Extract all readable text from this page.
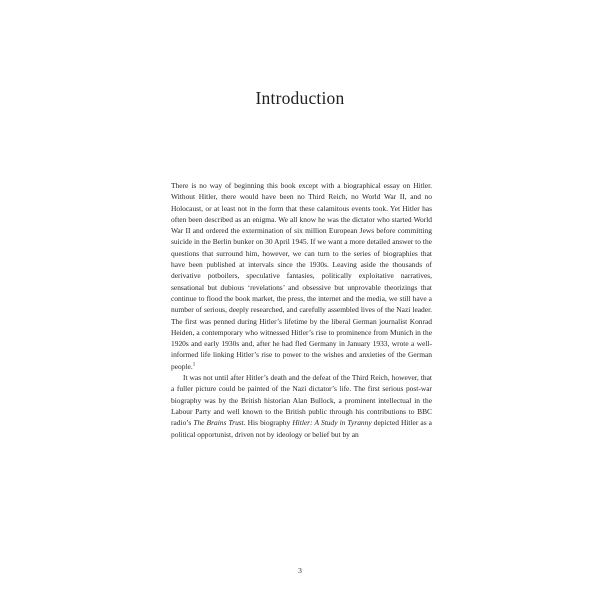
Introduction

There is no way of beginning this book except with a biographical essay on Hitler. Without Hitler, there would have been no Third Reich, no World War II, and no Holocaust, or at least not in the form that these calamitous events took. Yet Hitler has often been described as an enigma. We all know he was the dictator who started World War II and ordered the extermination of six million European Jews before committing suicide in the Berlin bunker on 30 April 1945. If we want a more detailed answer to the questions that surround him, however, we can turn to the series of biographies that have been published at intervals since the 1930s. Leaving aside the thousands of derivative potboilers, speculative fantasies, politically exploitative narratives, sensational but dubious ‘revelations’ and obsessive but unprovable theorizings that continue to flood the book market, the press, the internet and the media, we still have a number of serious, deeply researched, and carefully assembled lives of the Nazi leader. The first was penned during Hitler’s lifetime by the liberal German journalist Konrad Heiden, a contemporary who witnessed Hitler’s rise to prominence from Munich in the 1920s and early 1930s and, after he had fled Germany in January 1933, wrote a well-informed life linking Hitler’s rise to power to the wishes and anxieties of the German people.$^1$

It was not until after Hitler’s death and the defeat of the Third Reich, however, that a fuller picture could be painted of the Nazi dictator’s life. The first serious post-war biography was by the British historian Alan Bullock, a prominent intellectual in the Labour Party and well known to the British public through his contributions to BBC radio’s The Brains Trust. His biography Hitler: A Study in Tyranny depicted Hitler as a political opportunist, driven not by ideology or belief but by an

3
